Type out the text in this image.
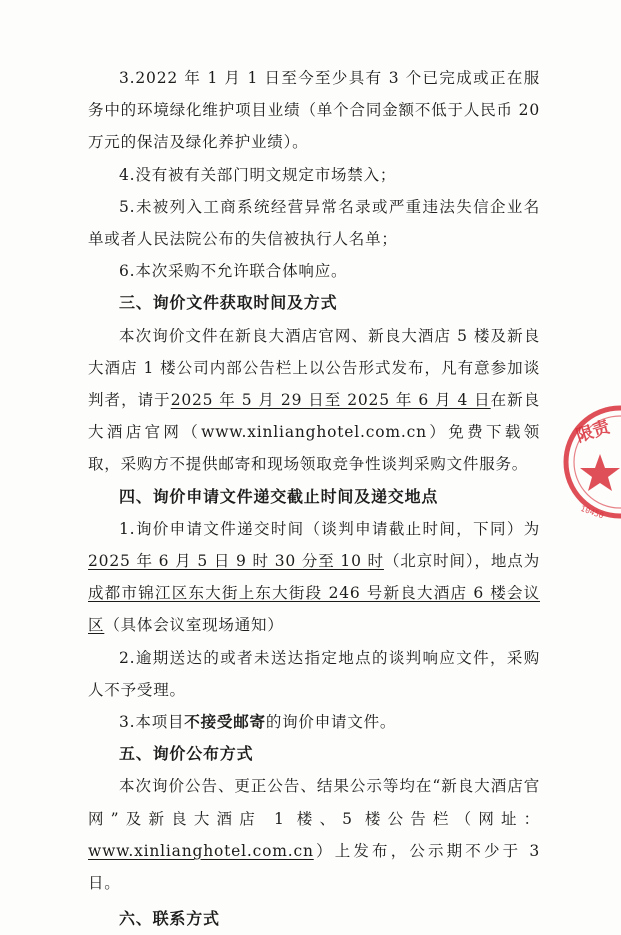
3.2022 年 1 月 1 日至今至少具有 3 个已完成或正在服务中的环境绿化维护项目业绩（单个合同金额不低于人民币 20 万元的保洁及绿化养护业绩）。

4.没有被有关部门明文规定市场禁入；

5.未被列入工商系统经营异常名录或严重违法失信企业名单或者人民法院公布的失信被执行人名单；

6.本次采购不允许联合体响应。

三、询价文件获取时间及方式

本次询价文件在新良大酒店官网、新良大酒店 5 楼及新良大酒店 1 楼公司内部公告栏上以公告形式发布，凡有意参加谈判者，请于2025 年 5 月 29 日至 2025 年 6 月 4 日在新良大酒店官网（www.xinlianghotel.com.cn）免费下载领取，采购方不提供邮寄和现场领取竞争性谈判采购文件服务。

四、询价申请文件递交截止时间及递交地点

1.询价申请文件递交时间（谈判申请截止时间，下同）为2025 年 6 月 5 日 9 时 30 分至 10 时（北京时间），地点为成都市锦江区东大街上东大街段 246 号新良大酒店 6 楼会议区（具体会议室现场通知）

2.逾期送达的或者未送达指定地点的谈判响应文件，采购人不予受理。

3.本项目不接受邮寄的询价申请文件。

五、询价公布方式

本次询价公告、更正公告、结果公示等均在“新良大酒店官网”及新良大酒店 1 楼、5 楼公告栏（网址：www.xinlianghotel.com.cn）上发布，公示期不少于 3 日。

六、联系方式

限责
10450
